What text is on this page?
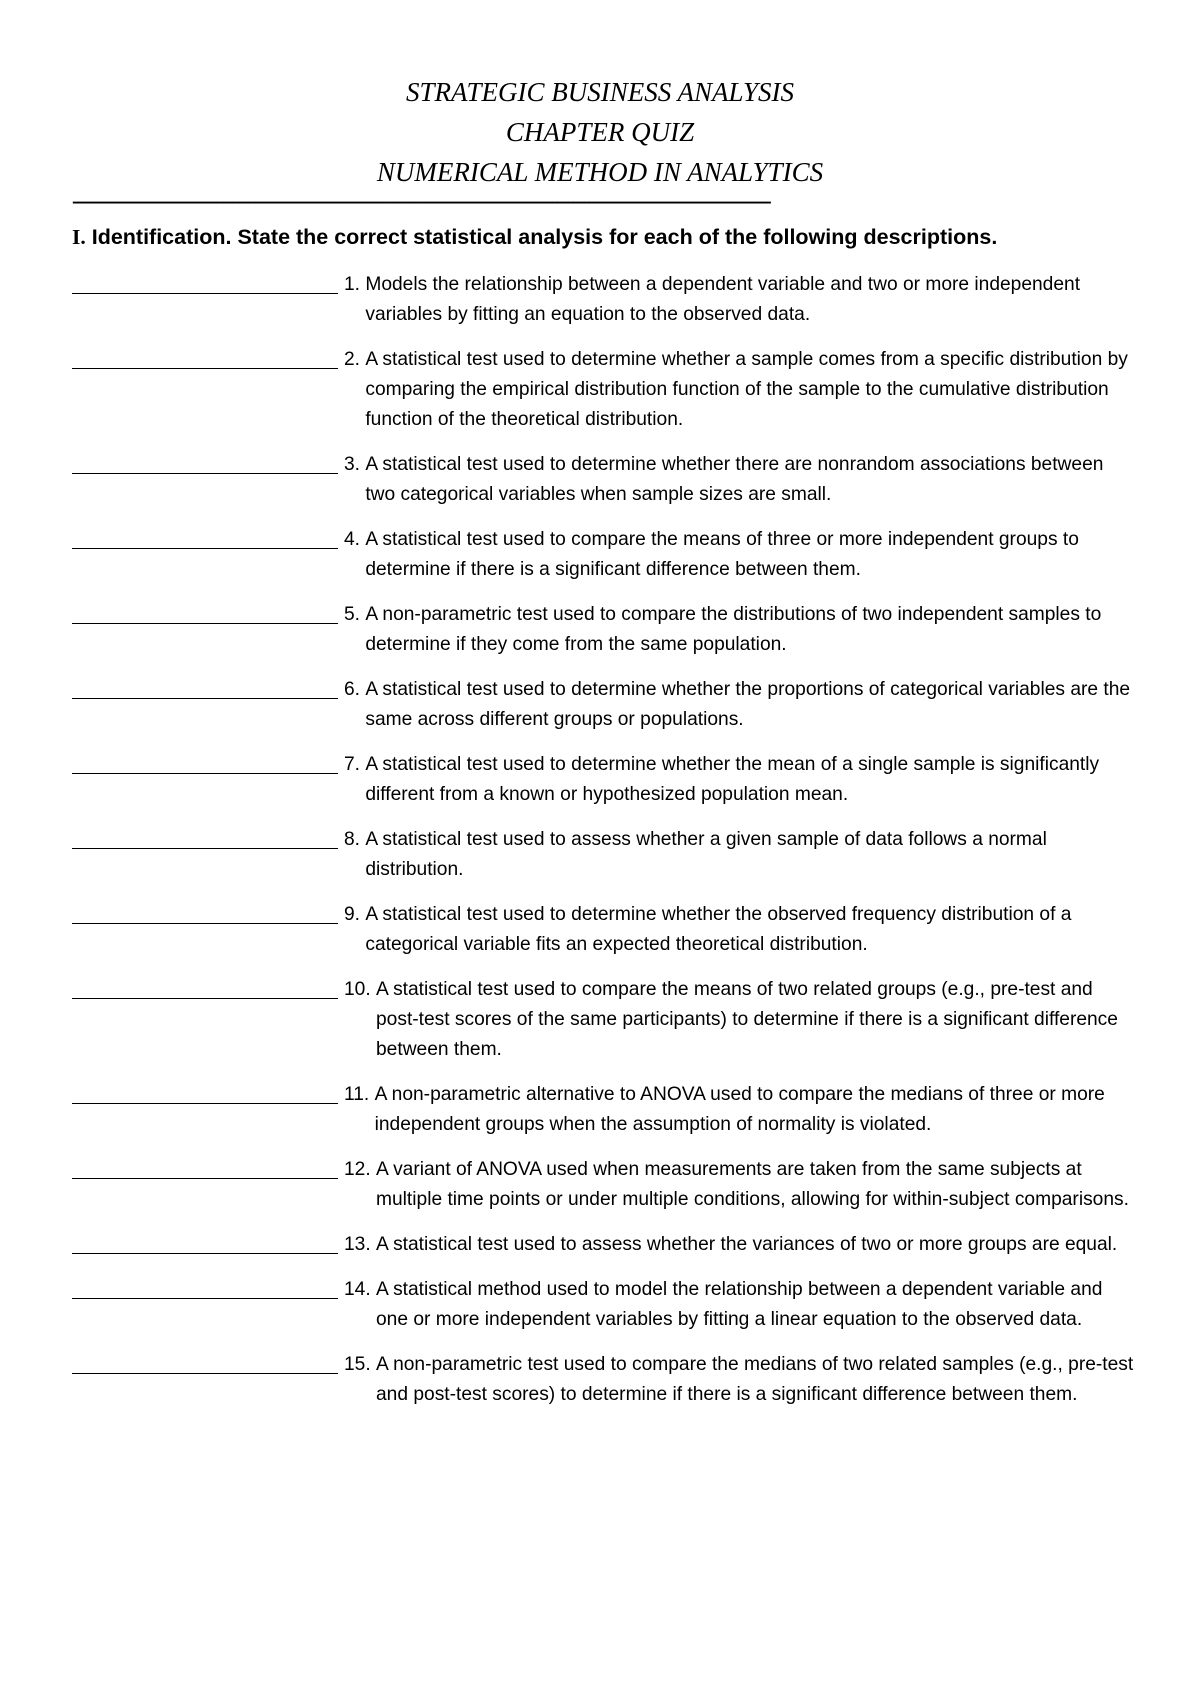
STRATEGIC BUSINESS ANALYSIS
CHAPTER QUIZ
NUMERICAL METHOD IN ANALYTICS
-----------------------------------------------------------------------------------------------------------------------------------
I. Identification. State the correct statistical analysis for each of the following descriptions.
1. Models the relationship between a dependent variable and two or more independent variables by fitting an equation to the observed data.
2. A statistical test used to determine whether a sample comes from a specific distribution by comparing the empirical distribution function of the sample to the cumulative distribution function of the theoretical distribution.
3. A statistical test used to determine whether there are nonrandom associations between two categorical variables when sample sizes are small.
4. A statistical test used to compare the means of three or more independent groups to determine if there is a significant difference between them.
5. A non-parametric test used to compare the distributions of two independent samples to determine if they come from the same population.
6. A statistical test used to determine whether the proportions of categorical variables are the same across different groups or populations.
7. A statistical test used to determine whether the mean of a single sample is significantly different from a known or hypothesized population mean.
8. A statistical test used to assess whether a given sample of data follows a normal distribution.
9. A statistical test used to determine whether the observed frequency distribution of a categorical variable fits an expected theoretical distribution.
10. A statistical test used to compare the means of two related groups (e.g., pre-test and post-test scores of the same participants) to determine if there is a significant difference between them.
11. A non-parametric alternative to ANOVA used to compare the medians of three or more independent groups when the assumption of normality is violated.
12. A variant of ANOVA used when measurements are taken from the same subjects at multiple time points or under multiple conditions, allowing for within-subject comparisons.
13. A statistical test used to assess whether the variances of two or more groups are equal.
14. A statistical method used to model the relationship between a dependent variable and one or more independent variables by fitting a linear equation to the observed data.
15. A non-parametric test used to compare the medians of two related samples (e.g., pre-test and post-test scores) to determine if there is a significant difference between them.
